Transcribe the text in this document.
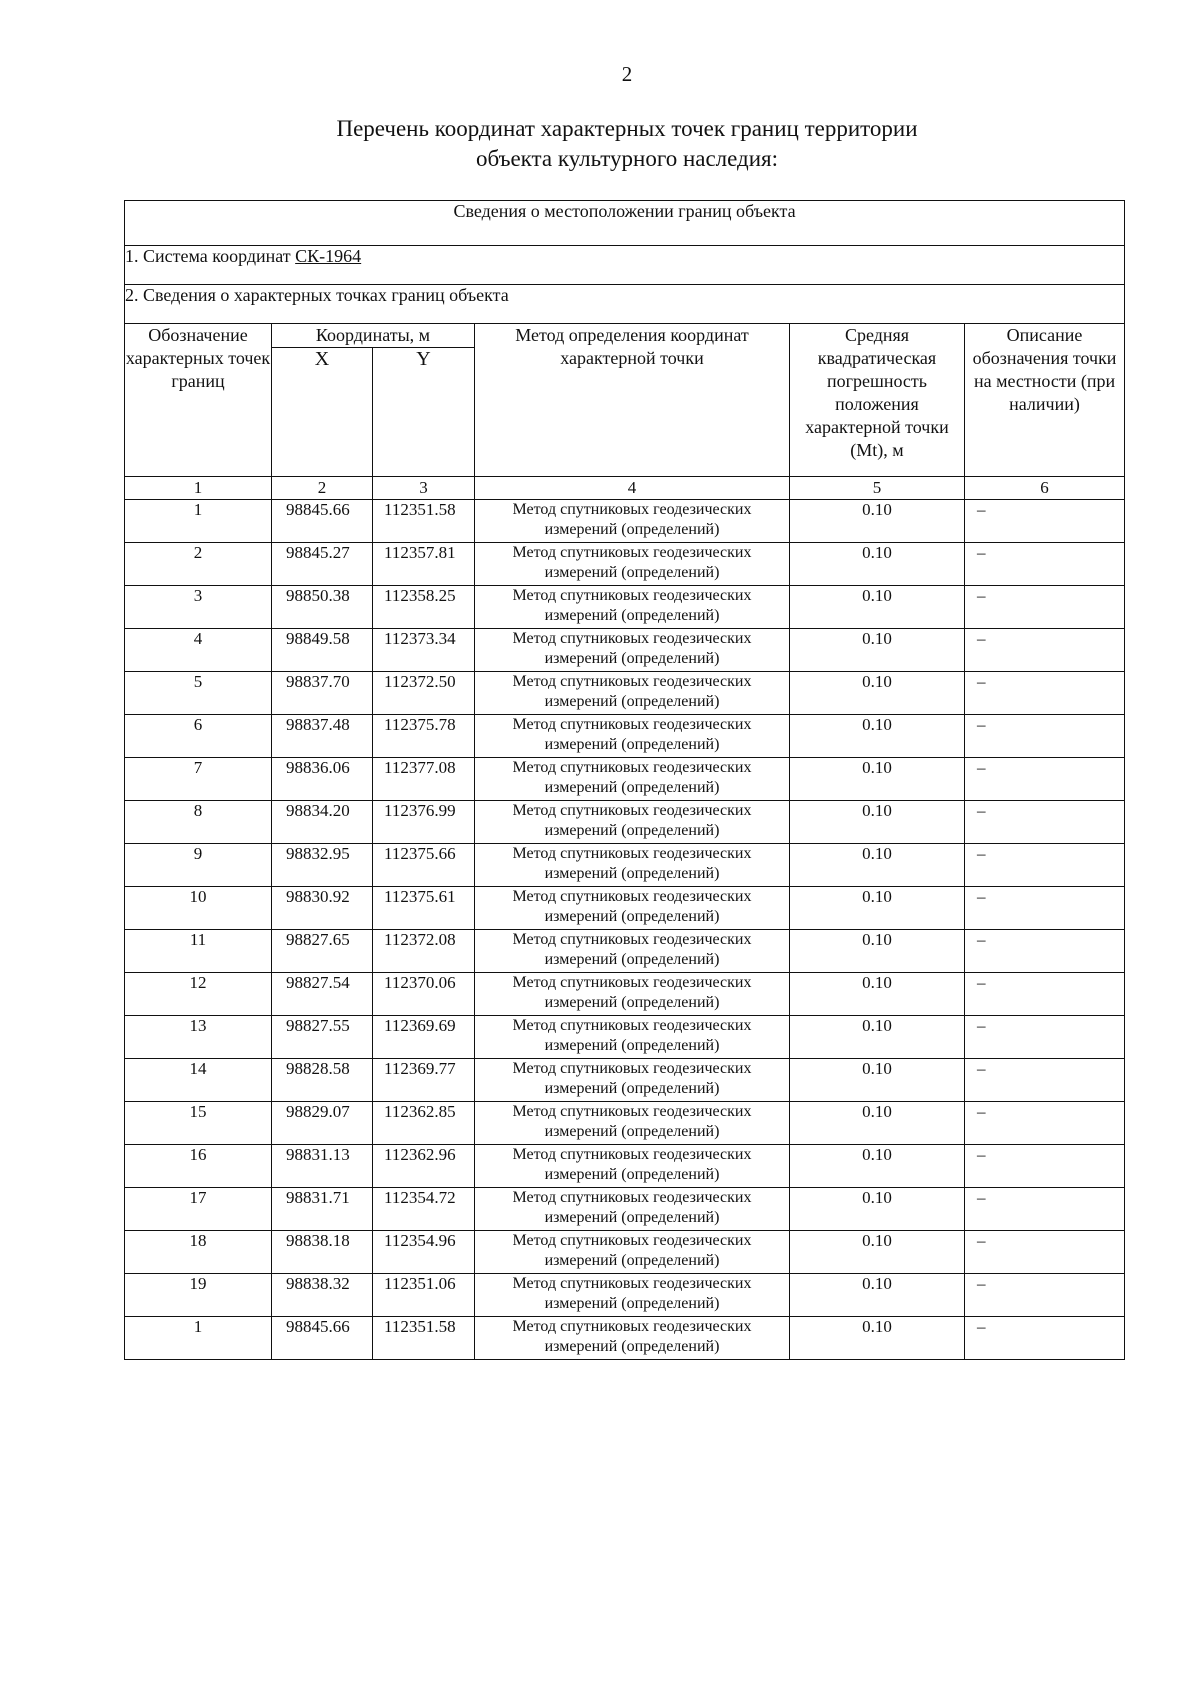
2
Перечень координат характерных точек границ территории
объекта культурного наследия:
Сведения о местоположении границ объекта					
1. Система координат СК-1964					
2. Сведения о характерных точках границ объекта					
Обозначение характерных точек границ	Координаты, м		Метод определения координат характерной точки	Средняя квадратическая погрешность положения характерной точки (Mt), м	Описание обозначения точки на местности (при наличии)
	X	Y			
1	2	3	4	5	6
1	98845.66	112351.58	Метод спутниковых геодезических измерений (определений)	0.10	–
2	98845.27	112357.81	Метод спутниковых геодезических измерений (определений)	0.10	–
3	98850.38	112358.25	Метод спутниковых геодезических измерений (определений)	0.10	–
4	98849.58	112373.34	Метод спутниковых геодезических измерений (определений)	0.10	–
5	98837.70	112372.50	Метод спутниковых геодезических измерений (определений)	0.10	–
6	98837.48	112375.78	Метод спутниковых геодезических измерений (определений)	0.10	–
7	98836.06	112377.08	Метод спутниковых геодезических измерений (определений)	0.10	–
8	98834.20	112376.99	Метод спутниковых геодезических измерений (определений)	0.10	–
9	98832.95	112375.66	Метод спутниковых геодезических измерений (определений)	0.10	–
10	98830.92	112375.61	Метод спутниковых геодезических измерений (определений)	0.10	–
11	98827.65	112372.08	Метод спутниковых геодезических измерений (определений)	0.10	–
12	98827.54	112370.06	Метод спутниковых геодезических измерений (определений)	0.10	–
13	98827.55	112369.69	Метод спутниковых геодезических измерений (определений)	0.10	–
14	98828.58	112369.77	Метод спутниковых геодезических измерений (определений)	0.10	–
15	98829.07	112362.85	Метод спутниковых геодезических измерений (определений)	0.10	–
16	98831.13	112362.96	Метод спутниковых геодезических измерений (определений)	0.10	–
17	98831.71	112354.72	Метод спутниковых геодезических измерений (определений)	0.10	–
18	98838.18	112354.96	Метод спутниковых геодезических измерений (определений)	0.10	–
19	98838.32	112351.06	Метод спутниковых геодезических измерений (определений)	0.10	–
1	98845.66	112351.58	Метод спутниковых геодезических измерений (определений)	0.10	–
